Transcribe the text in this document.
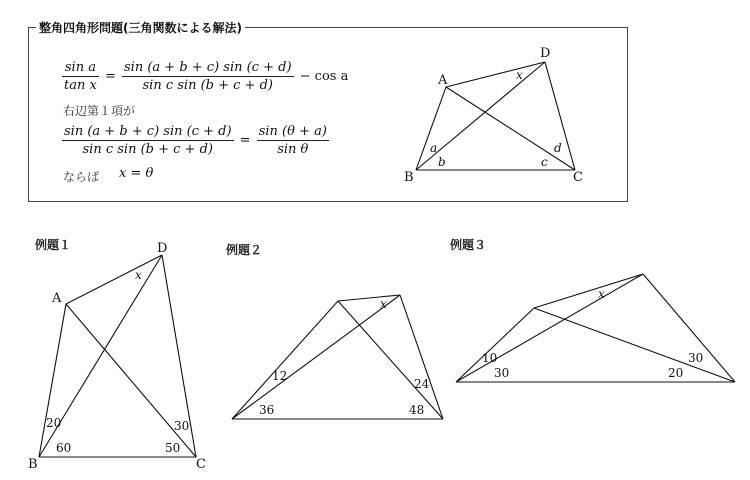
整角四角形問題(三角関数による解法)
$\frac{\text{sin a}}{\text{tan x}} = \frac{\sin (a + b + c) \sin (c + d)}{\text{sin c sin (b + c + d)}} - \cos a$
右辺第１項が
$\frac{\sin (a + b + c) \sin (c + d)}{\text{sin c sin (b + c + d)}} = \frac{\sin (\theta + a)}{\text{sin θ}}$
ならば x = θ
例題１	例題２	例題３
A
B	C
D
x
a
b	c
d
A
B	C
D
x
20
60	50
30
x
12
36	48
24
x
10
30	20
30
